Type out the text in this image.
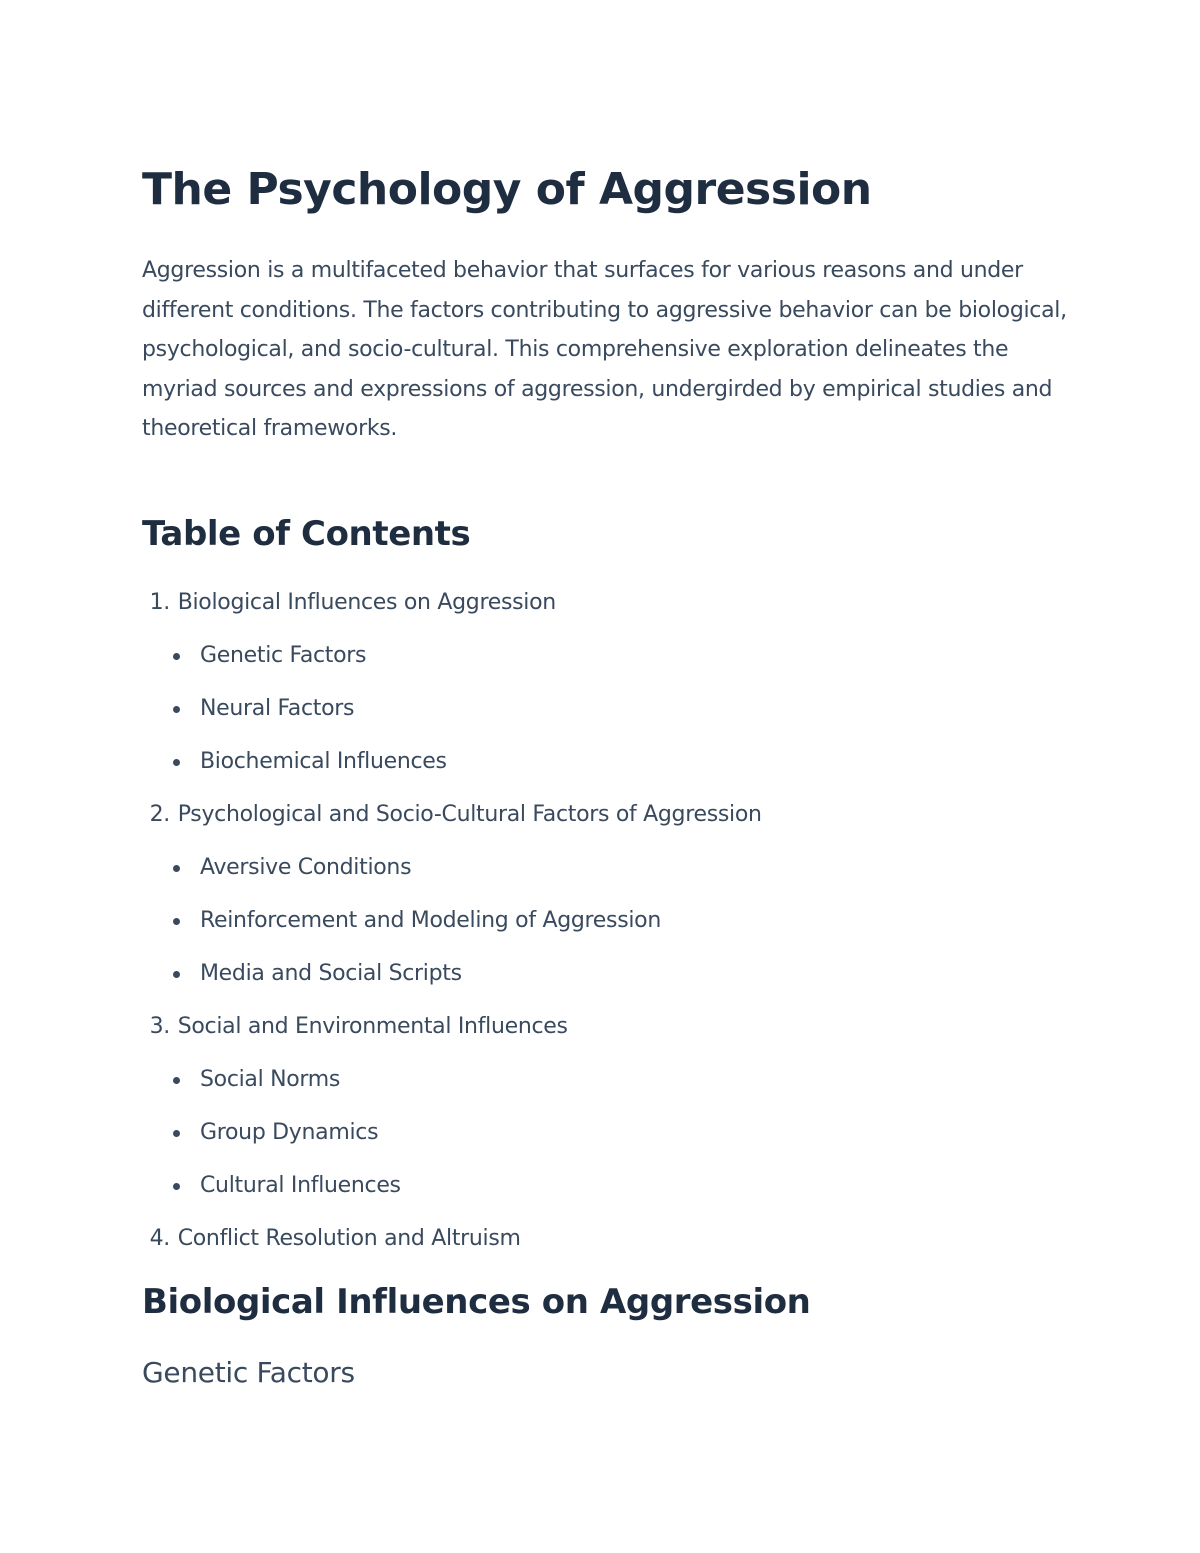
The Psychology of Aggression

Aggression is a multifaceted behavior that surfaces for various reasons and under different conditions. The factors contributing to aggressive behavior can be biological, psychological, and socio-cultural. This comprehensive exploration delineates the myriad sources and expressions of aggression, undergirded by empirical studies and theoretical frameworks.

Table of Contents
1. Biological Influences on Aggression
Genetic Factors
Neural Factors
Biochemical Influences
2. Psychological and Socio-Cultural Factors of Aggression
Aversive Conditions
Reinforcement and Modeling of Aggression
Media and Social Scripts
3. Social and Environmental Influences
Social Norms
Group Dynamics
Cultural Influences
4. Conflict Resolution and Altruism
Biological Influences on Aggression
Genetic Factors
